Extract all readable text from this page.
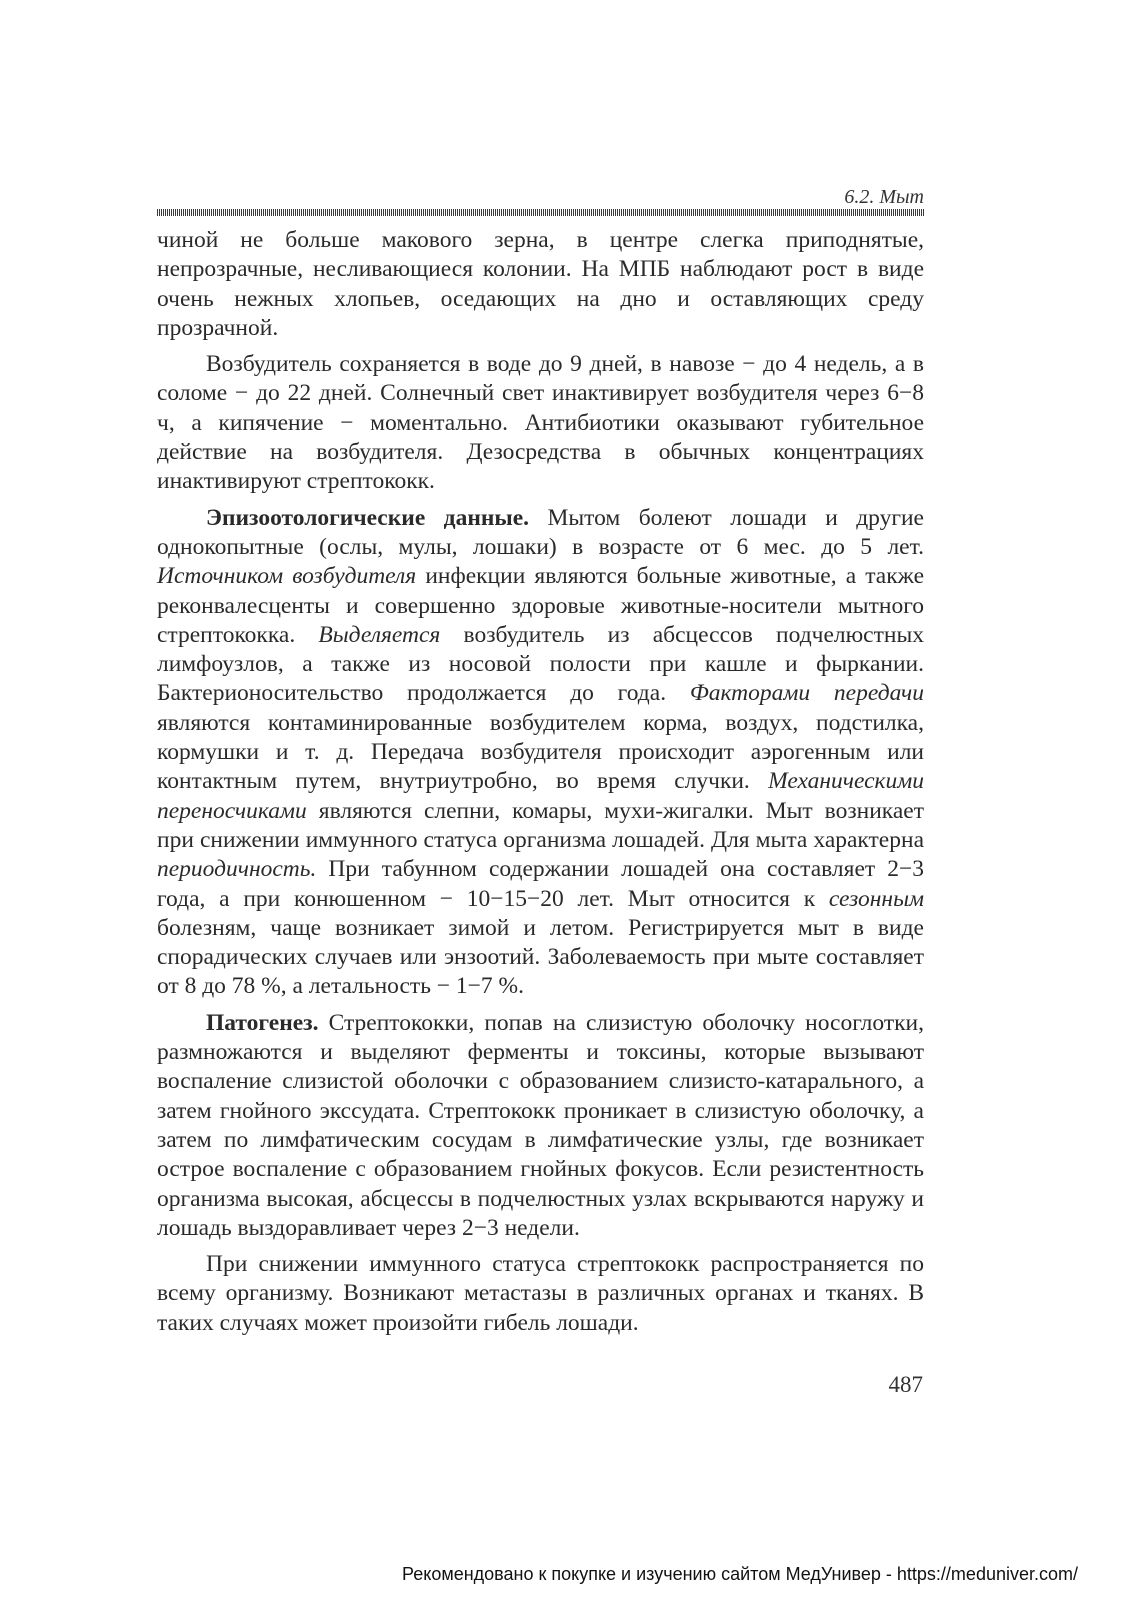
6.2. Мыт

чиной не больше макового зерна, в центре слегка приподнятые, непрозрачные, несливающиеся колонии. На МПБ наблюдают рост в виде очень нежных хлопьев, оседающих на дно и оставляющих среду прозрачной.

Возбудитель сохраняется в воде до 9 дней, в навозе − до 4 недель, а в соломе − до 22 дней. Солнечный свет инактивирует возбудителя через 6−8 ч, а кипячение − моментально. Антибиотики оказывают губительное действие на возбудителя. Дезосредства в обычных концентрациях инактивируют стрептококк.

Эпизоотологические данные. Мытом болеют лошади и другие однокопытные (ослы, мулы, лошаки) в возрасте от 6 мес. до 5 лет. Источником возбудителя инфекции являются больные животные, а также реконвалесценты и совершенно здоровые животные-носители мытного стрептококка. Выделяется возбудитель из абсцессов подчелюстных лимфоузлов, а также из носовой полости при кашле и фыркании. Бактерионосительство продолжается до года. Факторами передачи являются контаминированные возбудителем корма, воздух, подстилка, кормушки и т. д. Передача возбудителя происходит аэрогенным или контактным путем, внутриутробно, во время случки. Механическими переносчиками являются слепни, комары, мухи-жигалки. Мыт возникает при снижении иммунного статуса организма лошадей. Для мыта характерна периодичность. При табунном содержании лошадей она составляет 2−3 года, а при конюшенном − 10−15−20 лет. Мыт относится к сезонным болезням, чаще возникает зимой и летом. Регистрируется мыт в виде спорадических случаев или энзоотий. Заболеваемость при мыте составляет от 8 до 78 %, а летальность − 1−7 %.

Патогенез. Стрептококки, попав на слизистую оболочку носоглотки, размножаются и выделяют ферменты и токсины, которые вызывают воспаление слизистой оболочки с образованием слизисто-катарального, а затем гнойного экссудата. Стрептококк проникает в слизистую оболочку, а затем по лимфатическим сосудам в лимфатические узлы, где возникает острое воспаление с образованием гнойных фокусов. Если резистентность организма высокая, абсцессы в подчелюстных узлах вскрываются наружу и лошадь выздоравливает через 2−3 недели.

При снижении иммунного статуса стрептококк распространяется по всему организму. Возникают метастазы в различных органах и тканях. В таких случаях может произойти гибель лошади.

487
Рекомендовано к покупке и изучению сайтом МедУнивер - https://meduniver.com/
